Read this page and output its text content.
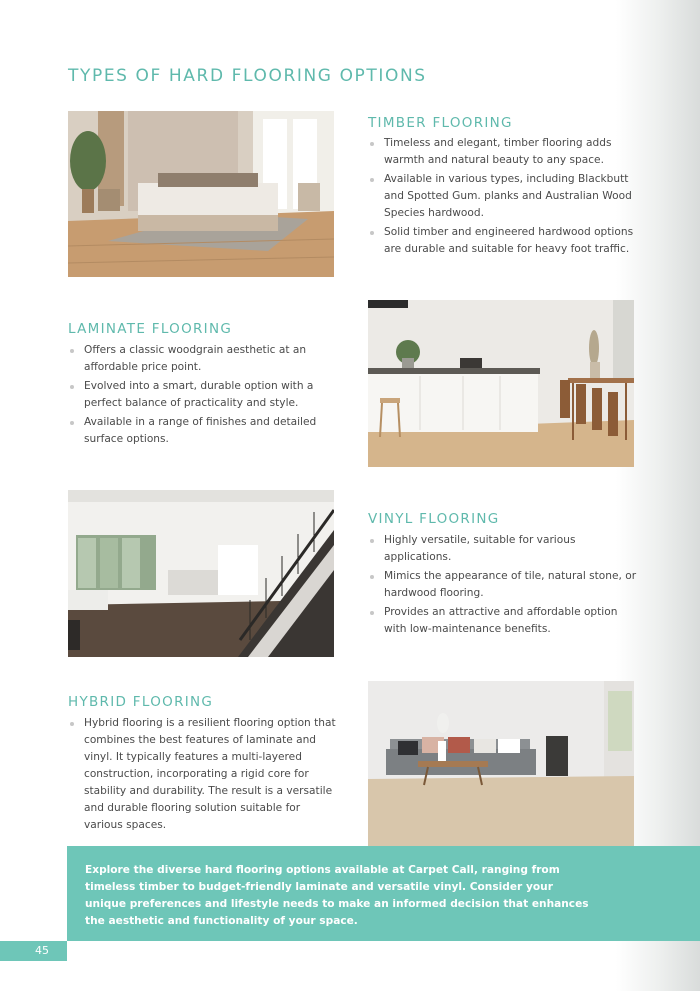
TYPES OF HARD FLOORING OPTIONS
TIMBER FLOORING
Timeless and elegant, timber flooring adds warmth and natural beauty to any space.
Available in various types, including Blackbutt and Spotted Gum. planks and Australian Wood Species hardwood.
Solid timber and engineered hardwood options are durable and suitable for heavy foot traffic.
LAMINATE FLOORING
Offers a classic woodgrain aesthetic at an affordable price point.
Evolved into a smart, durable option with a perfect balance of practicality and style.
Available in a range of finishes and detailed surface options.
VINYL FLOORING
Highly versatile, suitable for various applications.
Mimics the appearance of tile, natural stone, or hardwood flooring.
Provides an attractive and affordable option with low-maintenance benefits.
HYBRID FLOORING

Hybrid flooring is a resilient flooring option that combines the best features of laminate and vinyl. It typically features a multi-layered construction, incorporating a rigid core for stability and durability. The result is a versatile and durable flooring solution suitable for various spaces.

Explore the diverse hard flooring options available at Carpet Call, ranging from timeless timber to budget-friendly laminate and versatile vinyl. Consider your unique preferences and lifestyle needs to make an informed decision that enhances the aesthetic and functionality of your space.

45
